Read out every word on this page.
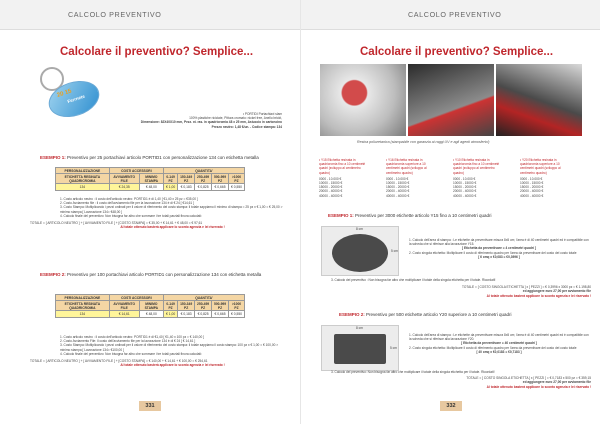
CALCOLO PREVENTIVO
Calcolare il preventivo? Semplice...
20 15
Ferrnete
• PORTIDI Portachiavi slam
100% plastiche riciclate, Pittura cromato: nickel free, Anello brickt,
Dimensione: 82X40X10 mm, Pezz. xt. ras. in quadricromia 48 x 25 mm, Astuccio in cartoncino
Prezzo neutro: 1,48 €/un. - Codice stampa: 134
ESEMPIO 1: Preventivo per 25 portachiavi articolo PORTID1 con personalizzazione 134 con etichetta metalla
PERSONALIZZAZIONE	COSTI ACCESSORI		QUANTITA'				
ETICHETTA RESINATA QUADRICROMIA	AVVIAMENTO FILE	MINIMO STAMPA	0-149 PZ	150-349 PZ	250-499 PZ	500-999 PZ	>1000 PZ
134	€ 24,35	€ 48,00	€ 1,00	€ 0,183	€ 0,825	€ 0,665	€ 0,550
1. Costo articolo neutro : il costo dell'articolo neutro: PORTID1 è di 1,40 [ €1,40 x 25 pz = €35,00 ]
2. Costo Avviamento file : il costo dell'avviamento file per la lavorazione 134 è di € 24 [ €14,61 ]
3. Costo Stampa: Moltiplicando i pezzi ordinati per il valore di riferimento del costo stampa: il totale sappiamo il minimo di stampa = 25 pz x € 1,00 = € 25,00 > minimo stampa [ Lavorazione 134= €48,00 ]
4. Calcolo finale del preventivo: Non bisogna far altro che sommare i tre totali parziali finora calcolati:
TOTALE = [ ARTICOLO NEUTRO ] + [ AVVIAMENTO FILE ] + [COSTO STAMPA] = € 35,00 + € 14,61 + € 48,00 = € 97,61
Al totale ottenuto basterà applicare lo sconto agenzia e lei riservato !
ESEMPIO 2: Preventivo per 100 portachiavi articolo PORTID1 con personalizzazione 134 con etichetta metalla
PERSONALIZZAZIONE	COSTI ACCESSORI		QUANTITA'				
ETICHETTA RESINATA QUADRICROMIA	AVVIAMENTO FILE	MINIMO STAMPA	0-149 PZ	150-349 PZ	250-499 PZ	500-999 PZ	>1000 PZ
134	€ 14,61	€ 48,00	€ 1,00	€ 0,183	€ 0,825	€ 0,665	€ 0,550
1. Costo articolo neutro : il costo dell'articolo neutro: PORTID1 è di €1,40 [ €1,40 x 100 pz = € 140,00 ]
2. Costo Avviamento File: Il costo dell'avviamento file per la lavorazione 134 è di € 24 [ € 14,61 ]
3. Costo Stampa: Moltiplicando i pezzi ordinati per il valore di riferimento del costo stampa: il totale sappiamo il costo stampa: 100 pz x € 1,00 = € 100,00 > minimo stampa [ Lavorazione 134= €100,00 ]
4. Calcolo finale del preventivo: Non bisogna far altro che sommare i tre totali parziali finora calcolati:
TOTALE = [ ARTICOLO NEUTRO ] + [ AVVIAMENTO FILE ] + [COSTO STAMPA] = € 140,00 + € 14,61 + € 100,00 = € 254,61
Al totale ottenuto basterà applicare lo sconto agenzia e lei riservato !
331
CALCOLO PREVENTIVO
Calcolare il preventivo? Semplice...
Resina poliuretanica (stampabile con garanzia ai raggi UV e agli agenti atmosferici)
• Y15 Etichetta resinata in quadricromia fino a 10 centimetri quadri (sviluppo al centimetro quadro)
0000 - 10.000 €
10000 - 15000 €
15000 - 20000 €
20000 - 40000 €
40000 - 40000 €
• Y16 Etichetta resinata in quadricromia superiore a 10 centimetri quadri (sviluppo al centimetro quadro)
0000 - 10.000 €
10000 - 15000 €
15000 - 20000 €
20000 - 40000 €
40000 - 40000 €
• Y10 Etichetta resinata in quadricromia fino a 10 centimetri quadri (sviluppo al centimetro quadro)
0000 - 10.000 €
10000 - 15000 €
15000 - 20000 €
20000 - 40000 €
40000 - 40000 €
• Y20 Etichetta resinata in quadricromia superiore a 10 centimetri quadri (sviluppo al centimetro quadro)
0000 - 10.000 €
10000 - 15000 €
15000 - 20000 €
20000 - 40000 €
40000 - 40000 €
ESEMPIO 1: Preventivo per 3000 etichette articolo Y15 fino a 10 centimetri quadri
8 cm
5 cm
1. Calcolo dell'area di stampa : Le etichette da preventivare misura 8x5 cm; l'area è di 40 centimetri quadri ed è compatibile con la scheda che si riferisce alla lavorazione Y15.
[ Etichetta da preventivare = 4 centimetri quadri ]
2. Costo singola etichetta: Moltiplicare il costo di riferimento quadro per l'area da preventivare del costo del costo totale
[ 6 cmq x €0,083 = €0,3996 ]
3. Calcolo del preventivo : Non bisogna far altro che moltiplicare il totale della singola etichetta per il totale. Ricordati!
TOTALE = [ COSTO SINGOLA ETICHETTA ] x [ PEZZI ] = € 0,3996 x 3000 pz = € 1.198,80
ed aggiungere euro 27,00 per avviamento file
Al totale ottenuto basterà applicare lo sconto agenzia e lei riservato !
ESEMPIO 2: Preventivo per 500 etichette articolo Y20 superiore a 10 centimetri quadri
8 cm
5 cm
1. Calcolo dell'area di stampa : Le etichette da preventivare misura 8x5 cm; l'area è di 40 centimetri quadri ed è compatibile con la scheda che si riferisce alla lavorazione Y20.
[ Etichetta da preventivare = 40 centimetri quadri ]
2. Costo singola etichetta: Moltiplicare il costo di riferimento quadro per l'area da preventivare del costo del costo totale
[ 40 cmq x €0,0183 = €0,7183 ]
3. Calcolo del preventivo: Non bisogna far altro che moltiplicare il totale della singola etichetta per il totale. Ricordati!
TOTALE = [ COSTO SINGOLA ETICHETTA ] x [ PEZZI ] = € 0,7183 x 500 pz = € 359,15
ed aggiungere euro 27,00 per avviamento file
Al totale ottenuto basterà applicare lo sconto agenzia e lei riservato !
332
